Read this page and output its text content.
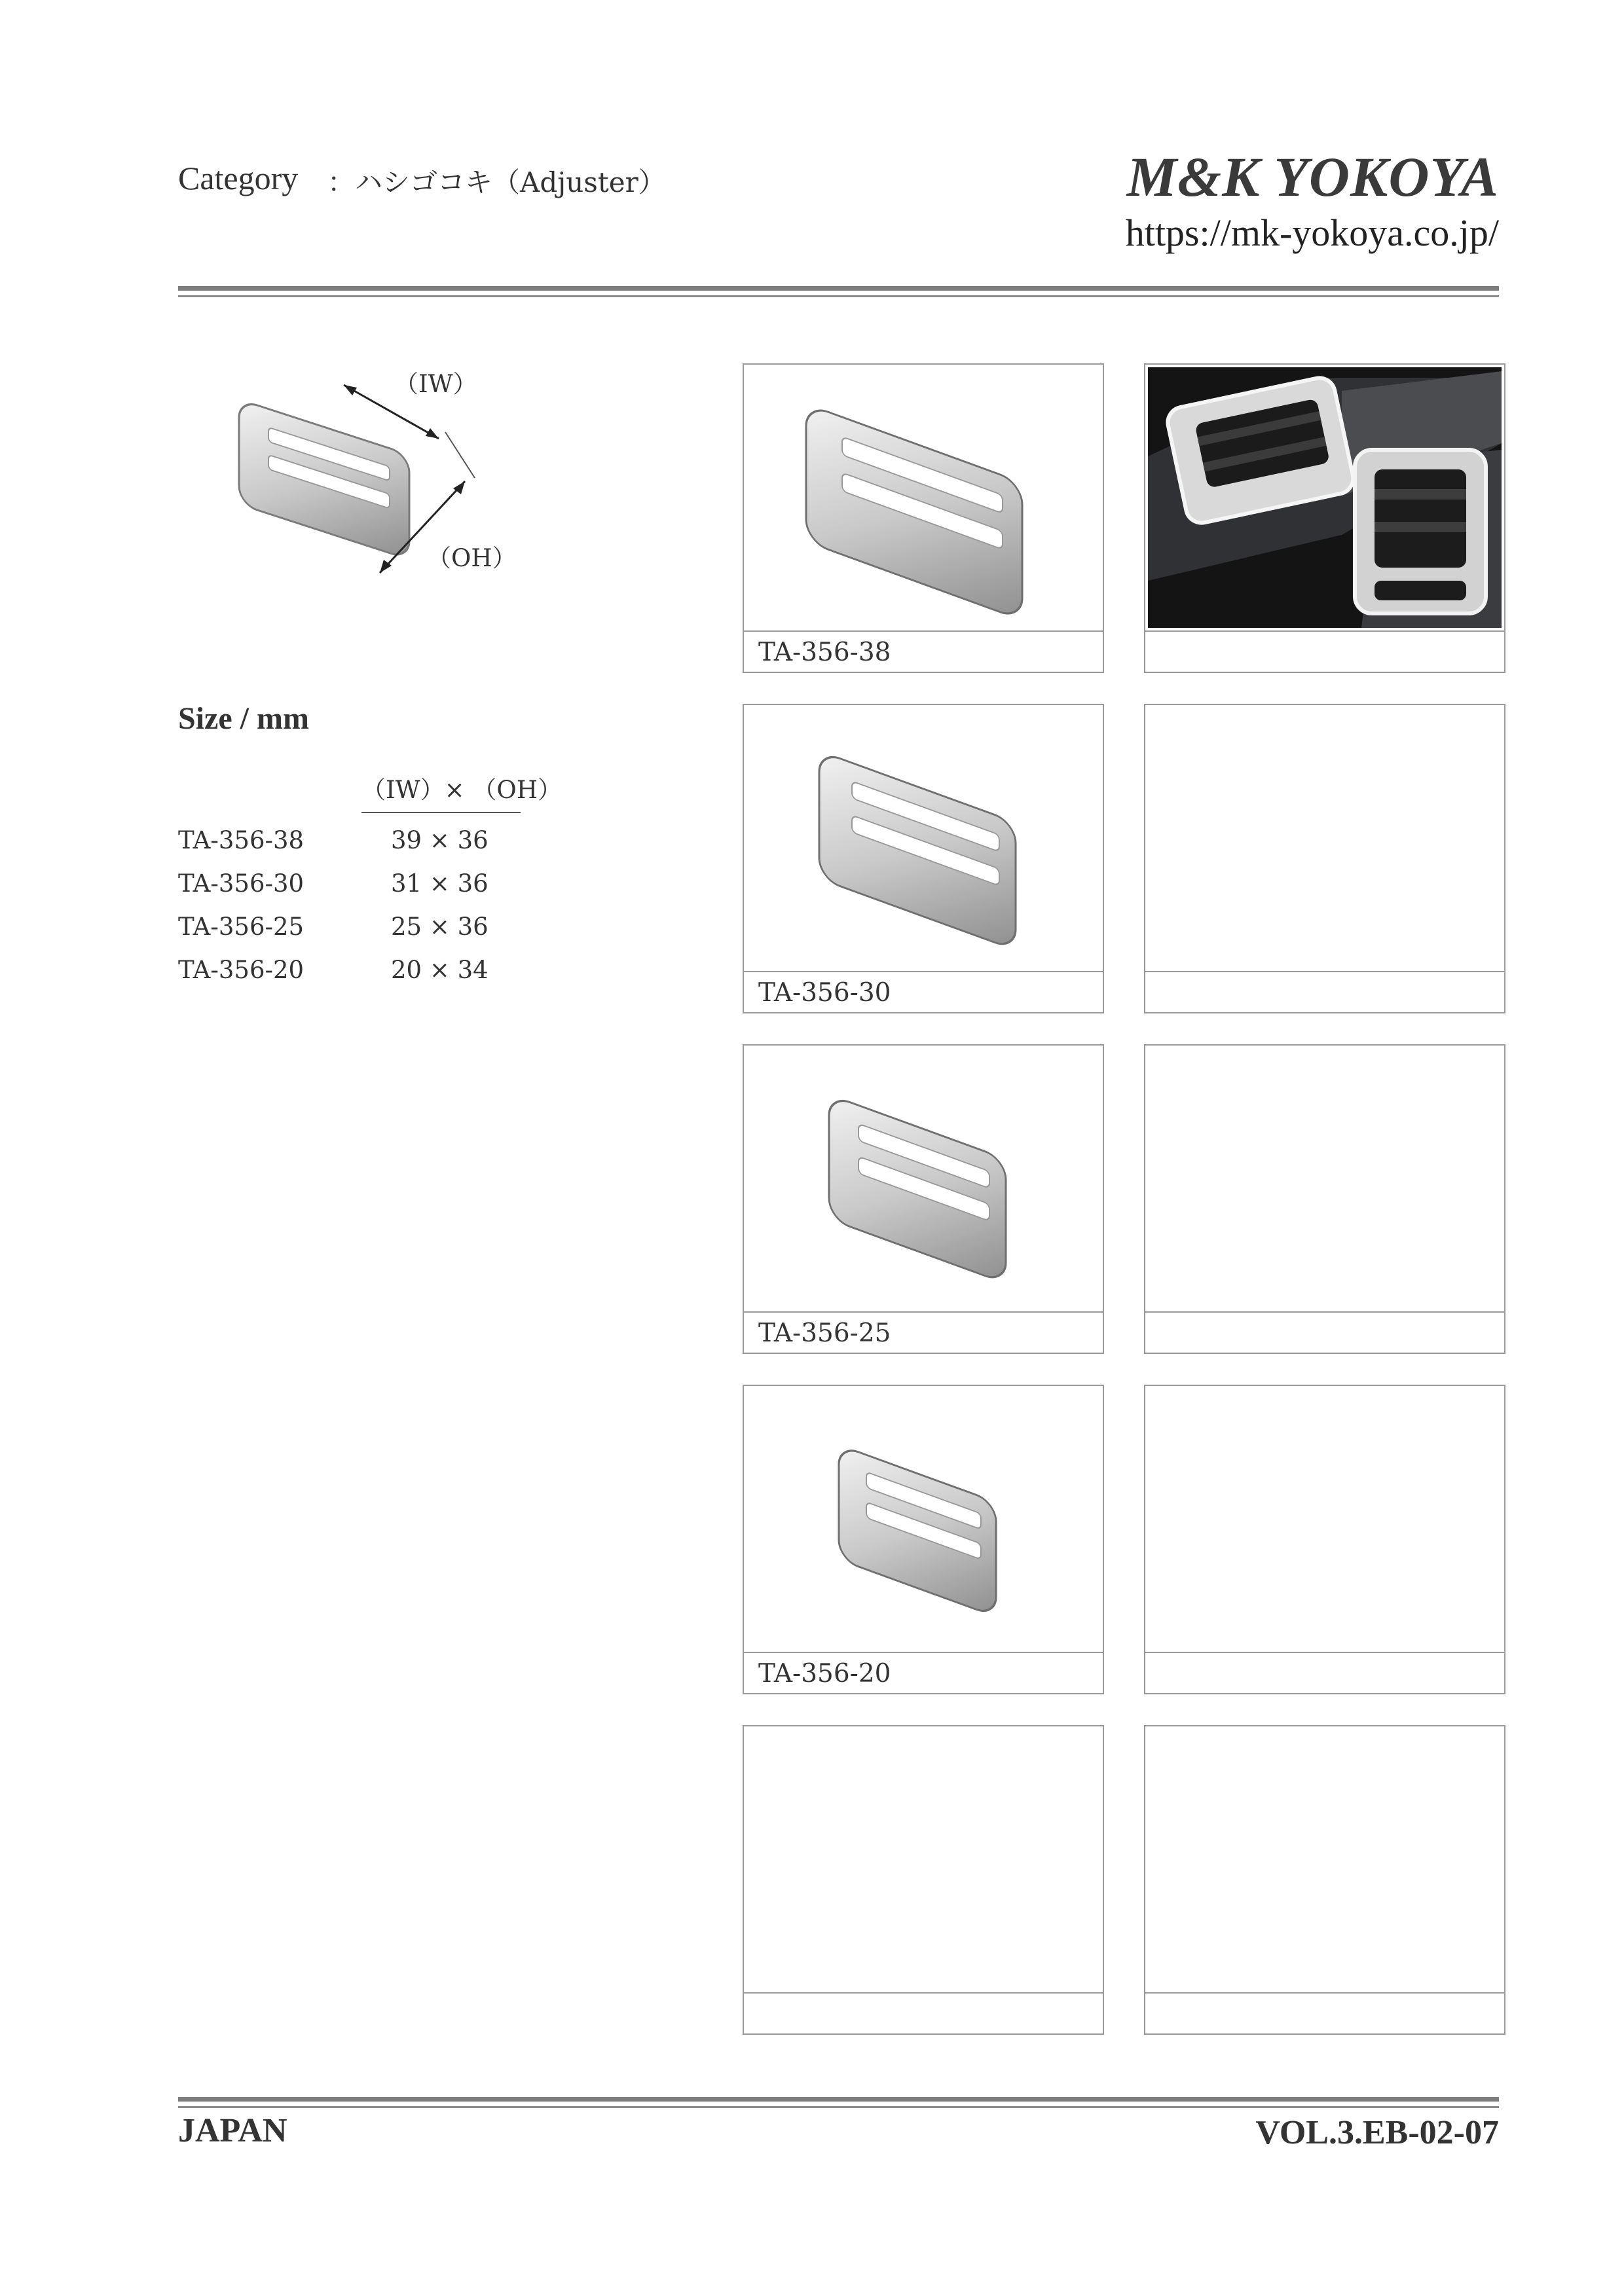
Category ：ハシゴコキ（Adjuster）	M&K YOKOYA
https://mk-yokoya.co.jp/
（IW）
（OH）
Size / mm
（IW）× （OH）
TA-356-38	39 × 36
TA-356-30	31 × 36
TA-356-25	25 × 36
TA-356-20	20 × 34
TA-356-38
TA-356-30
TA-356-25
TA-356-20
JAPAN	VOL.3.EB-02-07
